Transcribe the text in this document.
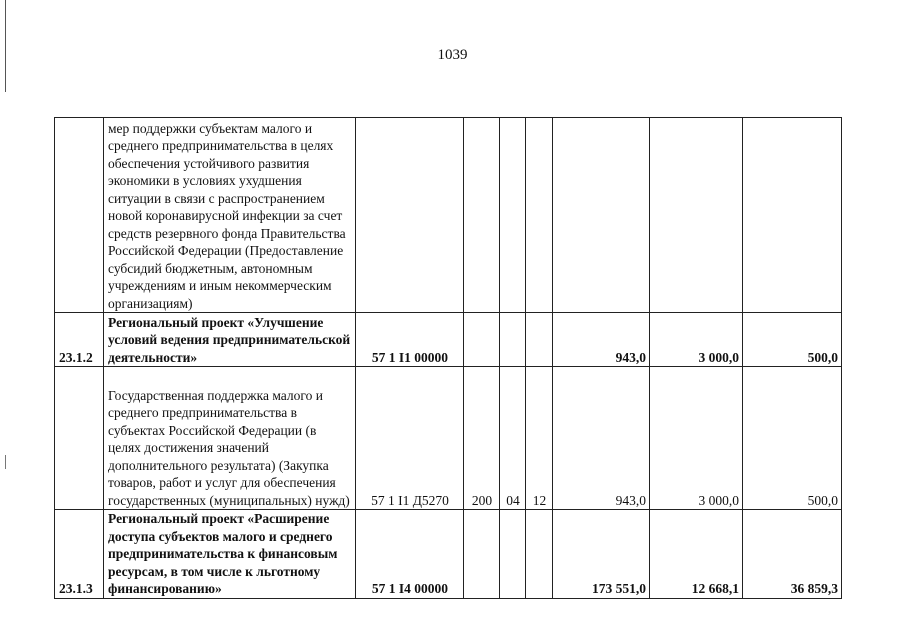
1039
	мер поддержки субъектам малого и среднего предпринимательства в целях обеспечения устойчивого развития экономики в условиях ухудшения ситуации в связи с распространением новой коронавирусной инфекции за счет средств резервного фонда Правительства Российской Федерации (Предоставление субсидий бюджетным, автономным учреждениям и иным некоммерческим организациям)							
23.1.2	Региональный проект «Улучшение условий ведения предпринимательской деятельности»	57 1 I1 00000				943,0	3 000,0	500,0
	Государственная поддержка малого и среднего предпринимательства в субъектах Российской Федерации (в целях достижения значений дополнительного результата) (Закупка товаров, работ и услуг для обеспечения государственных (муниципальных) нужд)	57 1 I1 Д5270	200	04	12	943,0	3 000,0	500,0
23.1.3	Региональный проект «Расширение доступа субъектов малого и среднего предпринимательства к финансовым ресурсам, в том числе к льготному финансированию»	57 1 I4 00000				173 551,0	12 668,1	36 859,3
